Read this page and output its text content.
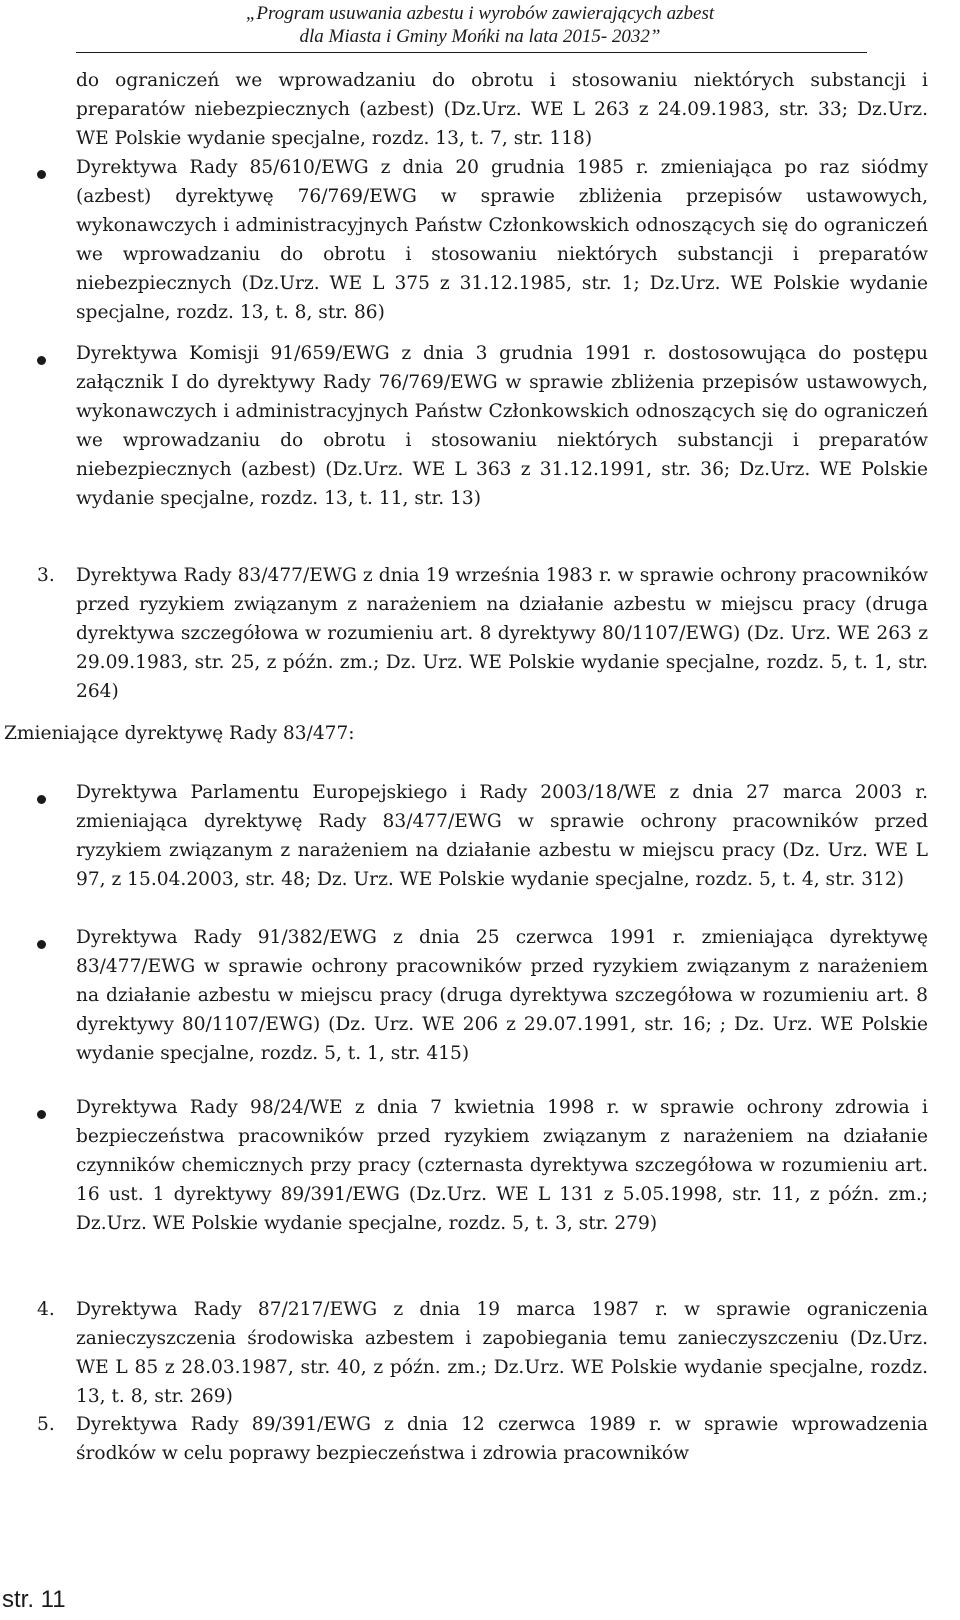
„Program usuwania azbestu i wyrobów zawierających azbest
dla Miasta i Gminy Mońki na lata 2015- 2032”
do ograniczeń we wprowadzaniu do obrotu i stosowaniu niektórych substancji i preparatów niebezpiecznych (azbest) (Dz.Urz. WE L 263 z 24.09.1983, str. 33; Dz.Urz. WE Polskie wydanie specjalne, rozdz. 13, t. 7, str. 118)
Dyrektywa Rady 85/610/EWG z dnia 20 grudnia 1985 r. zmieniająca po raz siódmy (azbest) dyrektywę 76/769/EWG w sprawie zbliżenia przepisów ustawowych, wykonawczych i administracyjnych Państw Członkowskich odnoszących się do ograniczeń we wprowadzaniu do obrotu i stosowaniu niektórych substancji i preparatów niebezpiecznych (Dz.Urz. WE L 375 z 31.12.1985, str. 1; Dz.Urz. WE Polskie wydanie specjalne, rozdz. 13, t. 8, str. 86)
Dyrektywa Komisji 91/659/EWG z dnia 3 grudnia 1991 r. dostosowująca do postępu załącznik I do dyrektywy Rady 76/769/EWG w sprawie zbliżenia przepisów ustawowych, wykonawczych i administracyjnych Państw Członkowskich odnoszących się do ograniczeń we wprowadzaniu do obrotu i stosowaniu niektórych substancji i preparatów niebezpiecznych (azbest) (Dz.Urz. WE L 363 z 31.12.1991, str. 36; Dz.Urz. WE Polskie wydanie specjalne, rozdz. 13, t. 11, str. 13)
3. Dyrektywa Rady 83/477/EWG z dnia 19 września 1983 r. w sprawie ochrony pracowników przed ryzykiem związanym z narażeniem na działanie azbestu w miejscu pracy (druga dyrektywa szczegółowa w rozumieniu art. 8 dyrektywy 80/1107/EWG) (Dz. Urz. WE 263 z 29.09.1983, str. 25, z późn. zm.; Dz. Urz. WE Polskie wydanie specjalne, rozdz. 5, t. 1, str. 264)
Zmieniające dyrektywę Rady 83/477:
Dyrektywa Parlamentu Europejskiego i Rady 2003/18/WE z dnia 27 marca 2003 r. zmieniająca dyrektywę Rady 83/477/EWG w sprawie ochrony pracowników przed ryzykiem związanym z narażeniem na działanie azbestu w miejscu pracy (Dz. Urz. WE L 97, z 15.04.2003, str. 48; Dz. Urz. WE Polskie wydanie specjalne, rozdz. 5, t. 4, str. 312)
Dyrektywa Rady 91/382/EWG z dnia 25 czerwca 1991 r. zmieniająca dyrektywę 83/477/EWG w sprawie ochrony pracowników przed ryzykiem związanym z narażeniem na działanie azbestu w miejscu pracy (druga dyrektywa szczegółowa w rozumieniu art. 8 dyrektywy 80/1107/EWG) (Dz. Urz. WE 206 z 29.07.1991, str. 16; ; Dz. Urz. WE Polskie wydanie specjalne, rozdz. 5, t. 1, str. 415)
Dyrektywa Rady 98/24/WE z dnia 7 kwietnia 1998 r. w sprawie ochrony zdrowia i bezpieczeństwa pracowników przed ryzykiem związanym z narażeniem na działanie czynników chemicznych przy pracy (czternasta dyrektywa szczegółowa w rozumieniu art. 16 ust. 1 dyrektywy 89/391/EWG (Dz.Urz. WE L 131 z 5.05.1998, str. 11, z późn. zm.; Dz.Urz. WE Polskie wydanie specjalne, rozdz. 5, t. 3, str. 279)
4. Dyrektywa Rady 87/217/EWG z dnia 19 marca 1987 r. w sprawie ograniczenia zanieczyszczenia środowiska azbestem i zapobiegania temu zanieczyszczeniu (Dz.Urz. WE L 85 z 28.03.1987, str. 40, z późn. zm.; Dz.Urz. WE Polskie wydanie specjalne, rozdz. 13, t. 8, str. 269)
5. Dyrektywa Rady 89/391/EWG z dnia 12 czerwca 1989 r. w sprawie wprowadzenia środków w celu poprawy bezpieczeństwa i zdrowia pracowników
str. 11
